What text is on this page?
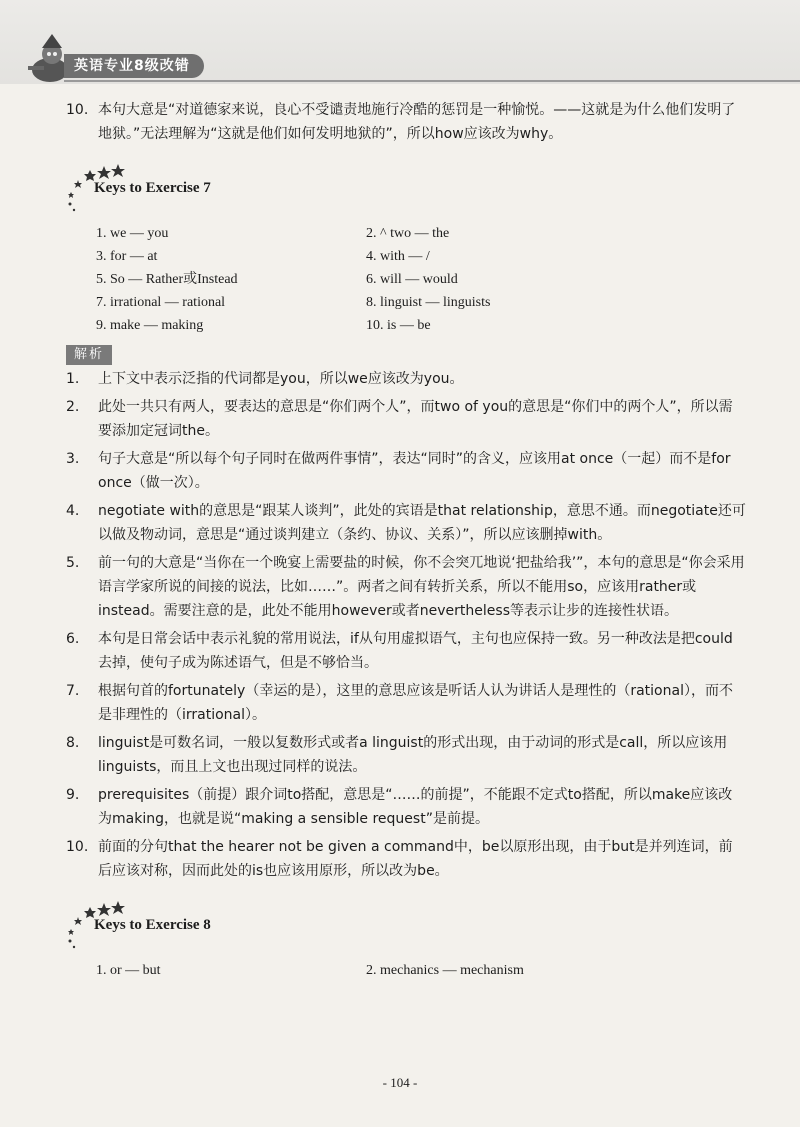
英语专业8级改错
10. 本句大意是“对道德家来说，良心不受谴责地施行冷酷的惩罚是一种愉悦。——这就是为什么他们发明了地狱。”无法理解为“这就是他们如何发明地狱的”，所以how应该改为why。
Keys to Exercise 7
1. we — you	2. ^ two — the
3. for — at	4. with — /
5. So — Rather或Instead	6. will — would
7. irrational — rational	8. linguist — linguists
9. make — making	10. is — be
解析
1.	上下文中表示泛指的代词都是you，所以we应该改为you。
2.	此处一共只有两人，要表达的意思是“你们两个人”，而two of you的意思是“你们中的两个人”，所以需要添加定冠词the。
3.	句子大意是“所以每个句子同时在做两件事情”，表达“同时”的含义，应该用at once（一起）而不是for once（做一次）。
4.	negotiate with的意思是“跟某人谈判”，此处的宾语是that relationship，意思不通。而negotiate还可以做及物动词，意思是“通过谈判建立（条约、协议、关系）”，所以应该删掉with。
5.	前一句的大意是“当你在一个晚宴上需要盐的时候，你不会突兀地说‘把盐给我’”，本句的意思是“你会采用语言学家所说的间接的说法，比如……”。两者之间有转折关系，所以不能用so，应该用rather或instead。需要注意的是，此处不能用however或者nevertheless等表示让步的连接性状语。
6.	本句是日常会话中表示礼貌的常用说法，if从句用虚拟语气，主句也应保持一致。另一种改法是把could去掉，使句子成为陈述语气，但是不够恰当。
7.	根据句首的fortunately（幸运的是），这里的意思应该是听话人认为讲话人是理性的（rational），而不是非理性的（irrational）。
8.	linguist是可数名词，一般以复数形式或者a linguist的形式出现，由于动词的形式是call，所以应该用linguists，而且上文也出现过同样的说法。
9.	prerequisites（前提）跟介词to搭配，意思是“……的前提”，不能跟不定式to搭配，所以make应该改为making，也就是说“making a sensible request”是前提。
10. 前面的分句that the hearer not be given a command中，be以原形出现，由于but是并列连词，前后应该对称，因而此处的is也应该用原形，所以改为be。
Keys to Exercise 8
1. or — but	2. mechanics — mechanism
- 104 -
